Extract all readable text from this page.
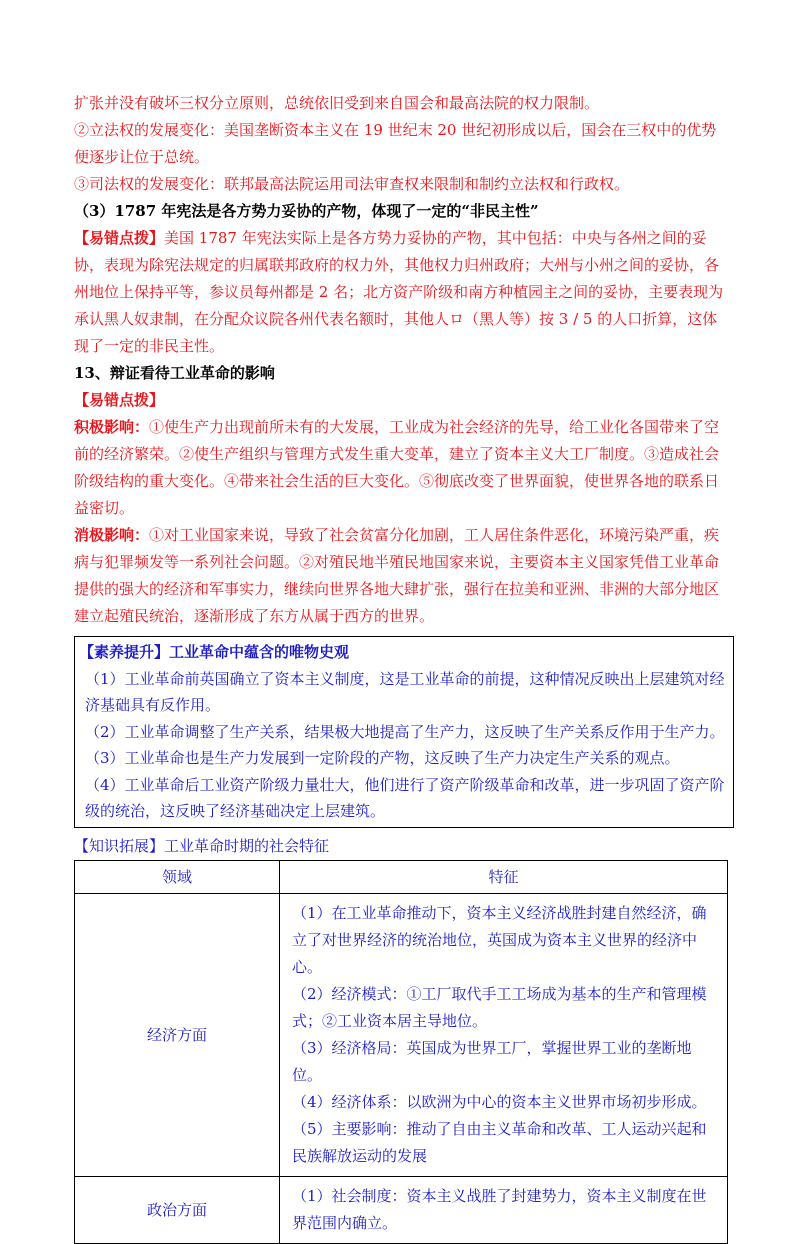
扩张并没有破坏三权分立原则，总统依旧受到来自国会和最高法院的权力限制。

②立法权的发展变化：美国垄断资本主义在 19 世纪末 20 世纪初形成以后，国会在三权中的优势便逐步让位于总统。

③司法权的发展变化：联邦最高法院运用司法审查权来限制和制约立法权和行政权。

（3）1787 年宪法是各方势力妥协的产物，体现了一定的“非民主性”

【易错点拨】美国 1787 年宪法实际上是各方势力妥协的产物，其中包括：中央与各州之间的妥协，表现为除宪法规定的归属联邦政府的权力外，其他权力归州政府；大州与小州之间的妥协，各州地位上保持平等，参议员每州都是 2 名；北方资产阶级和南方种植园主之间的妥协，主要表现为承认黑人奴隶制，在分配众议院各州代表名额时，其他人ロ（黑人等）按 3 / 5 的人口折算，这体现了一定的非民主性。

13、辩证看待工业革命的影响

【易错点拨】

积极影响：①使生产力出现前所未有的大发展，工业成为社会经济的先导，给工业化各国带来了空前的经济繁荣。②使生产组织与管理方式发生重大变革，建立了资本主义大工厂制度。③造成社会阶级结构的重大变化。④带来社会生活的巨大变化。⑤彻底改变了世界面貌，使世界各地的联系日益密切。

消极影响：①对工业国家来说，导致了社会贫富分化加剧，工人居住条件恶化，环境污染严重，疾病与犯罪频发等一系列社会问题。②对殖民地半殖民地国家来说，主要资本主义国家凭借工业革命提供的强大的经济和军事实力，继续向世界各地大肆扩张，强行在拉美和亚洲、非洲的大部分地区建立起殖民统治，逐渐形成了东方从属于西方的世界。

【素养提升】工业革命中蕴含的唯物史观

（1）工业革命前英国确立了资本主义制度，这是工业革命的前提，这种情况反映出上层建筑对经济基础具有反作用。

（2）工业革命调整了生产关系，结果极大地提高了生产力，这反映了生产关系反作用于生产力。

（3）工业革命也是生产力发展到一定阶段的产物，这反映了生产力决定生产关系的观点。

（4）工业革命后工业资产阶级力量壮大，他们进行了资产阶级革命和改革，进一步巩固了资产阶级的统治，这反映了经济基础决定上层建筑。

【知识拓展】工业革命时期的社会特征

领域	特征
经济方面	（1）在工业革命推动下，资本主义经济战胜封建自然经济，确立了对世界经济的统治地位，英国成为资本主义世界的经济中心。

（2）经济模式：①工厂取代手工工场成为基本的生产和管理模式；②工业资本居主导地位。

（3）经济格局：英国成为世界工厂，掌握世界工业的垄断地位。

（4）经济体系：以欧洲为中心的资本主义世界市场初步形成。

（5）主要影响：推动了自由主义革命和改革、工人运动兴起和民族解放运动的发展

政治方面	（1）社会制度：资本主义战胜了封建势力，资本主义制度在世界范围内确立。
